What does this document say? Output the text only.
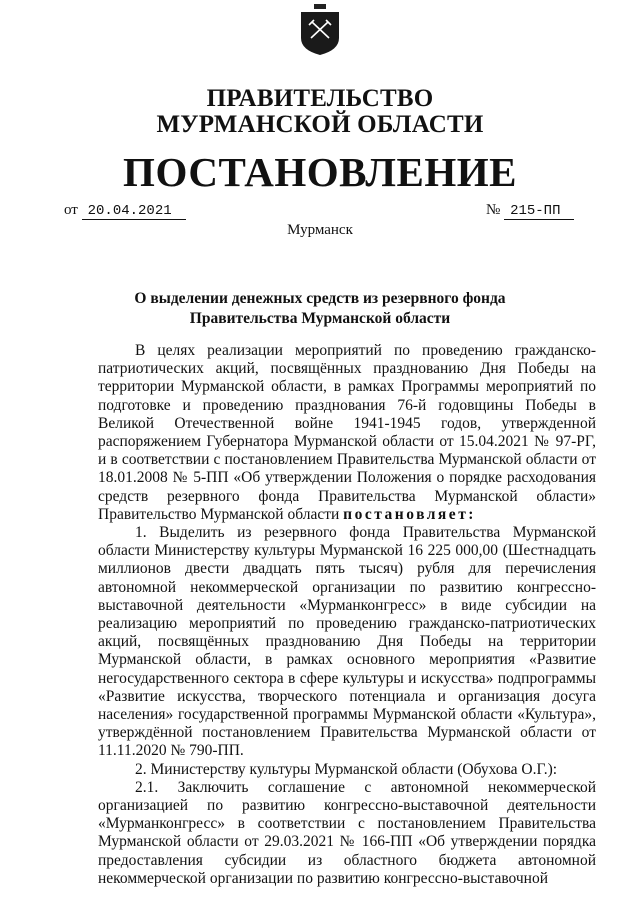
ПРАВИТЕЛЬСТВО
МУРМАНСКОЙ ОБЛАСТИ
ПОСТАНОВЛЕНИЕ
от 20.04.2021	№ 215-ПП
Мурманск
О выделении денежных средств из резервного фонда
Правительства Мурманской области

В целях реализации мероприятий по проведению гражданско-патриотических акций, посвящённых празднованию Дня Победы на территории Мурманской области, в рамках Программы мероприятий по подготовке и проведению празднования 76-й годовщины Победы в Великой Отечественной войне 1941-1945 годов, утвержденной распоряжением Губернатора Мурманской области от 15.04.2021 № 97-РГ, и в соответствии с постановлением Правительства Мурманской области от 18.01.2008 № 5-ПП «Об утверждении Положения о порядке расходования средств резервного фонда Правительства Мурманской области» Правительство Мурманской области постановляет:

1. Выделить из резервного фонда Правительства Мурманской области Министерству культуры Мурманской 16 225 000,00 (Шестнадцать миллионов двести двадцать пять тысяч) рубля для перечисления автономной некоммерческой организации по развитию конгрессно-выставочной деятельности «Мурманконгресс» в виде субсидии на реализацию мероприятий по проведению гражданско-патриотических акций, посвящённых празднованию Дня Победы на территории Мурманской области, в рамках основного мероприятия «Развитие негосударственного сектора в сфере культуры и искусства» подпрограммы «Развитие искусства, творческого потенциала и организация досуга населения» государственной программы Мурманской области «Культура», утверждённой постановлением Правительства Мурманской области от 11.11.2020 № 790-ПП.

2. Министерству культуры Мурманской области (Обухова О.Г.):

2.1. Заключить соглашение с автономной некоммерческой организацией по развитию конгрессно-выставочной деятельности «Мурманконгресс» в соответствии с постановлением Правительства Мурманской области от 29.03.2021 № 166-ПП «Об утверждении порядка предоставления субсидии из областного бюджета автономной некоммерческой организации по развитию конгрессно-выставочной
